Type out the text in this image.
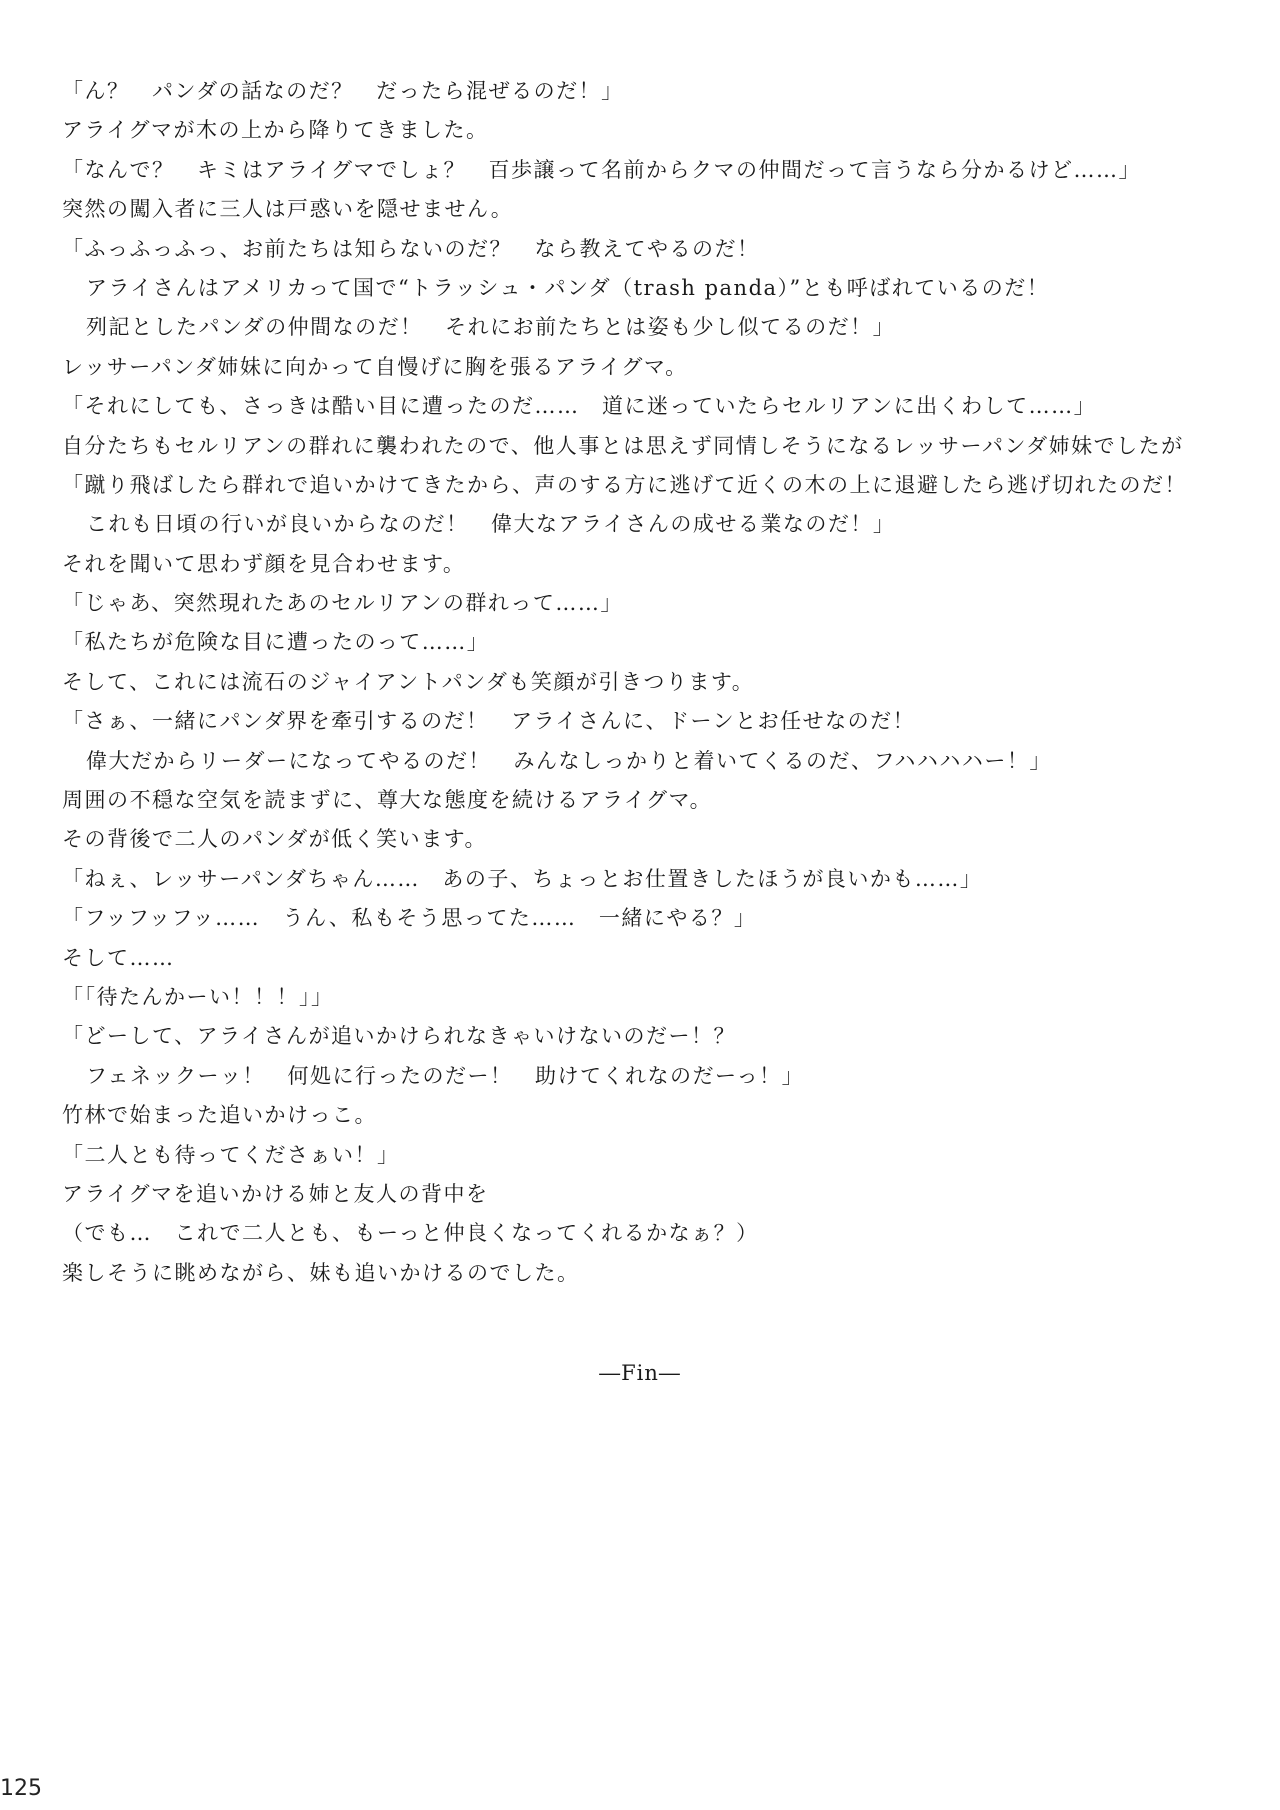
「ん？　パンダの話なのだ？　だったら混ぜるのだ！」
アライグマが木の上から降りてきました。
「なんで？　キミはアライグマでしょ？　百歩譲って名前からクマの仲間だって言うなら分かるけど……」
突然の闖入者に三人は戸惑いを隠せません。
「ふっふっふっ、お前たちは知らないのだ？　なら教えてやるのだ！
アライさんはアメリカって国で“トラッシュ・パンダ（trash panda）”とも呼ばれているのだ！
列記としたパンダの仲間なのだ！　それにお前たちとは姿も少し似てるのだ！」
レッサーパンダ姉妹に向かって自慢げに胸を張るアライグマ。
「それにしても、さっきは酷い目に遭ったのだ……　道に迷っていたらセルリアンに出くわして……」
自分たちもセルリアンの群れに襲われたので、他人事とは思えず同情しそうになるレッサーパンダ姉妹でしたが
「蹴り飛ばしたら群れで追いかけてきたから、声のする方に逃げて近くの木の上に退避したら逃げ切れたのだ！
これも日頃の行いが良いからなのだ！　偉大なアライさんの成せる業なのだ！」
それを聞いて思わず顔を見合わせます。
「じゃあ、突然現れたあのセルリアンの群れって……」
「私たちが危険な目に遭ったのって……」
そして、これには流石のジャイアントパンダも笑顔が引きつります。
「さぁ、一緒にパンダ界を牽引するのだ！　アライさんに、ドーンとお任せなのだ！
偉大だからリーダーになってやるのだ！　みんなしっかりと着いてくるのだ、フハハハハー！」
周囲の不穏な空気を読まずに、尊大な態度を続けるアライグマ。
その背後で二人のパンダが低く笑います。
「ねぇ、レッサーパンダちゃん……　あの子、ちょっとお仕置きしたほうが良いかも……」
「フッフッフッ……　うん、私もそう思ってた……　一緒にやる？」
そして……
「「待たんかーい！！！」」
「どーして、アライさんが追いかけられなきゃいけないのだー！？
フェネックーッ！　何処に行ったのだー！　助けてくれなのだーっ！」
竹林で始まった追いかけっこ。
「二人とも待ってくださぁい！」
アライグマを追いかける姉と友人の背中を
（でも…　これで二人とも、もーっと仲良くなってくれるかなぁ？）
楽しそうに眺めながら、妹も追いかけるのでした。
―Fin―
125
